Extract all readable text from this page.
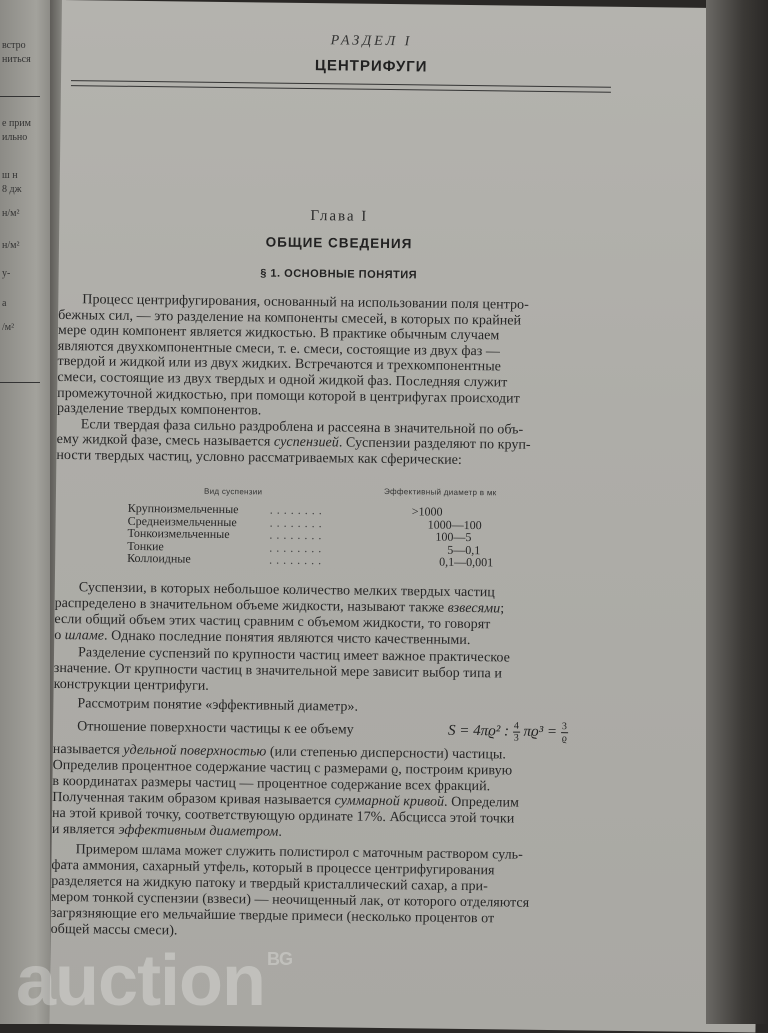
встро
ниться
е прим
ильно
ш н
8 дж
н/м²
н/м²
у-
а
/м²
РАЗДЕЛ I
ЦЕНТРИФУГИ
Глава I
ОБЩИЕ СВЕДЕНИЯ
§ 1. ОСНОВНЫЕ ПОНЯТИЯ
Процесс центрифугирования, основанный на использовании поля центро-
бежных сил, — это разделение на компоненты смесей, в которых по крайней
мере один компонент является жидкостью. В практике обычным случаем
являются двухкомпонентные смеси, т. е. смеси, состоящие из двух фаз —
твердой и жидкой или из двух жидких. Встречаются и трехкомпонентные
смеси, состоящие из двух твердых и одной жидкой фаз. Последняя служит
промежуточной жидкостью, при помощи которой в центрифугах происходит
разделение твердых компонентов.
Если твердая фаза сильно раздроблена и рассеяна в значительной по объ-
ему жидкой фазе, смесь называется суспензией. Суспензии разделяют по круп-
ности твердых частиц, условно рассматриваемых как сферические:
Вид суспензии	Эффективный диаметр в мк
Крупноизмельченные	........	>1000
Среднеизмельченные	........	1000—100
Тонкоизмельченные	........	100—5
Тонкие	........	5—0,1
Коллоидные	........	0,1—0,001
Суспензии, в которых небольшое количество мелких твердых частиц
распределено в значительном объеме жидкости, называют также взвесями;
если общий объем этих частиц сравним с объемом жидкости, то говорят
о шламе. Однако последние понятия являются чисто качественными.
Разделение суспензий по крупности частиц имеет важное практическое
значение. От крупности частиц в значительной мере зависит выбор типа и
конструкции центрифуги.
Рассмотрим понятие «эффективный диаметр».
Отношение поверхности частицы к ее объему
называется удельной поверхностью (или степенью дисперсности) частицы.
Определив процентное содержание частиц с размерами ϱ, построим кривую
в координатах размеры частиц — процентное содержание всех фракций.
Полученная таким образом кривая называется суммарной кривой. Определим
на этой кривой точку, соответствующую ординате 17%. Абсцисса этой точки
и является эффективным диаметром.
Примером шлама может служить полистирол с маточным раствором суль-
фата аммония, сахарный утфель, который в процессе центрифугирования
разделяется на жидкую патоку и твердый кристаллический сахар, а при-
мером тонкой суспензии (взвеси) — неочищенный лак, от которого отделяются
загрязняющие его мельчайшие твердые примеси (несколько процентов от
общей массы смеси).
S = 4πϱ² : $\frac{4}{3} \pi ϱ^3 = \frac{3}{ϱ}$
auction $^{BG}$
